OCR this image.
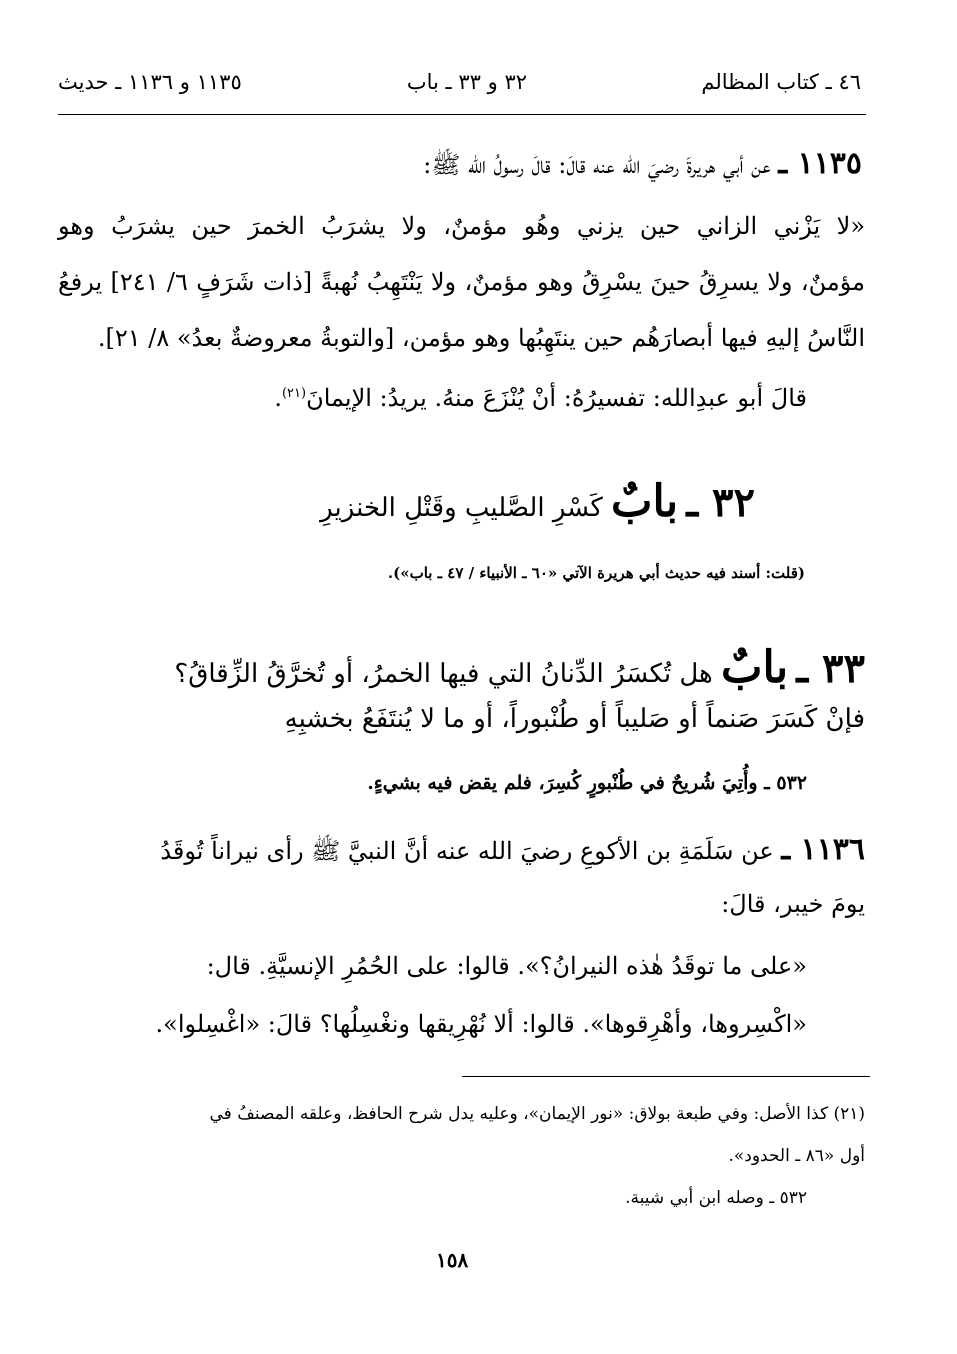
٤٦ ـ كتاب المظالم
٣٢ و ٣٣ ـ باب
١١٣٥ و ١١٣٦ ـ حديث
١١٣٥ ـ عن أبي هريرةَ رضيَ الله عنه قالَ: قالَ رسولُ الله ﷺ:
«لا يَزْني الزاني حين يزني وهُو مؤمنٌ، ولا يشرَبُ الخمرَ حين يشرَبُ وهو
مؤمنٌ، ولا يسرِقُ حينَ يسْرِقُ وهو مؤمنٌ، ولا يَنْتَهِبُ نُهبةً [ذات شَرَفٍ ٦/ ٢٤١] يرفعُ
النَّاسُ إليهِ فيها أبصارَهُم حين ينتَهِبُها وهو مؤمن، [والتوبةُ معروضةٌ بعدُ» ٨/ ٢١].
قالَ أبو عبدِالله: تفسيرُهُ: أنْ يُنْزَعَ منهُ. يريدُ: الإيمانَ$^{(٢١)}$.
٣٢ ـ بابٌ كَسْرِ الصَّليبِ وقَتْلِ الخنزيرِ
(قلت: أسند فيه حديث أبي هريرة الآتي «٦٠ ـ الأنبياء / ٤٧ ـ باب»).
٣٣ ـ بابٌ هل تُكسَرُ الدِّنانُ التي فيها الخمرُ، أو تُخرَّقُ الزِّقاقُ؟
فإنْ كَسَرَ صَنماً أو صَليباً أو طُنْبوراً، أو ما لا يُنتَفَعُ بخشبِهِ
٥٣٢ ـ وأُتِيَ شُريحٌ في طُنْبورٍ كُسِرَ، فلم يقض فيه بشيءٍ.
١١٣٦ ـ عن سَلَمَةِ بن الأكوعِ رضيَ الله عنه أنَّ النبيَّ ﷺ رأى نيراناً تُوقَدُ
يومَ خيبر، قالَ:
«على ما توقَدُ هٰذه النيرانُ؟». قالوا: على الحُمُرِ الإنسيَّةِ. قال:
«اكْسِروها، وأهْرِقوها». قالوا: ألا نُهْرِيقها ونغْسِلُها؟ قالَ: «اغْسِلوا».
(٢١) كذا الأصل: وفي طبعة بولاق: «نور الإيمان»، وعليه يدل شرح الحافظ، وعلقه المصنفُ في
أول «٨٦ ـ الحدود».
٥٣٢ ـ وصله ابن أبي شيبة.
١٥٨
